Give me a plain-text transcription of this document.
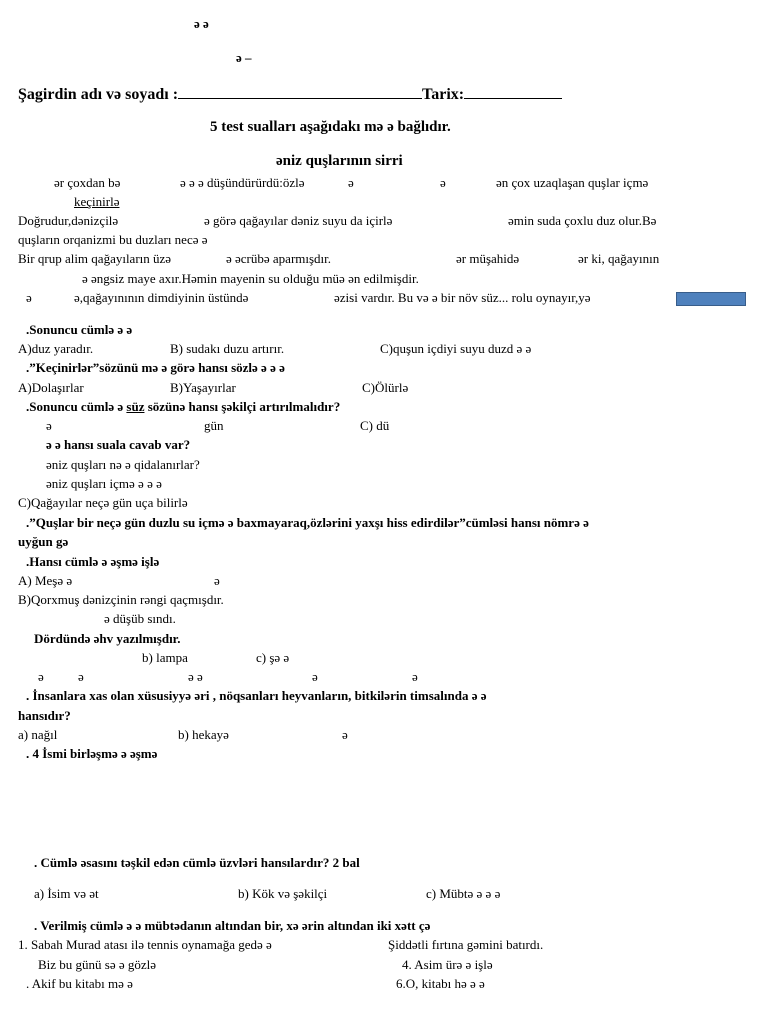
ə ə
ə –
Şagirdin adı və soyadı :	Tarix:
5 test sualları aşağıdakı mə ə bağlıdır.
əniz quşlarının sirri
ər çoxdan bə	ə ə ə düşündürürdü:özlə	ə	ə	ən çox uzaqlaşan quşlar içmə
keçinirlə
Doğrudur,dənizçilə	ə görə qağayılar dəniz suyu da içirlə	əmin suda çoxlu duz olur.Bə
quşların orqanizmi bu duzları necə ə
Bir qrup alim qağayıların üzə	ə əcrübə aparmışdır.	ər müşahidə	ər ki, qağayının
ə əngsiz maye axır.Həmin mayenin su olduğu müə ən edilmişdir.
ə	ə,qağayınının dimdiyinin üstündə	əzisi vardır. Bu və ə bir növ süz... rolu oynayır,yə
.Sonuncu cümlə ə ə
A)duz yaradır.	B) sudakı duzu artırır.	C)quşun içdiyi suyu duzd ə ə
.”Keçinirlər”sözünü mə ə görə hansı sözlə ə ə ə
A)Dolaşırlar	B)Yaşayırlar	C)Ölürlə
.Sonuncu cümlə ə süz sözünə hansı şəkilçi artırılmalıdır?
ə	gün	C) dü
ə ə hansı suala cavab var?
əniz quşları nə ə qidalanırlar?
əniz quşları içmə ə ə ə
C)Qağayılar neçə gün uça bilirlə
.”Quşlar bir neçə gün duzlu su içmə ə baxmayaraq,özlərini yaxşı hiss edirdilər”cümləsi hansı nömrə ə
uyğun gə
.Hansı cümlə ə əşmə işlə
A) Meşə ə	ə
B)Qorxmuş dənizçinin rəngi qaçmışdır.
ə düşüb sındı.
Dördündə əhv yazılmışdır.
b) lampa	c) şə ə
ə	ə	ə ə	ə	ə
. İnsanlara xas olan xüsusiyyə əri , nöqsanları heyvanların, bitkilərin timsalında ə ə
hansıdır?
a) nağıl	b) hekayə	ə
. 4 İsmi birləşmə ə əşmə
. Cümlə əsasını təşkil edən cümlə üzvləri hansılardır? 2 bal
a) İsim və ət	b) Kök və şəkilçi	c) Mübtə ə ə ə
. Verilmiş cümlə ə ə mübtədanın altından bir, xə ərin altından iki xətt çə
1. Sabah Murad atası ilə tennis oynamağa gedə ə	Şiddətli fırtına gəmini batırdı.
Biz bu günü sə ə gözlə	4. Asim ürə ə işlə
. Akif bu kitabı mə ə	6.O, kitabı hə ə ə
